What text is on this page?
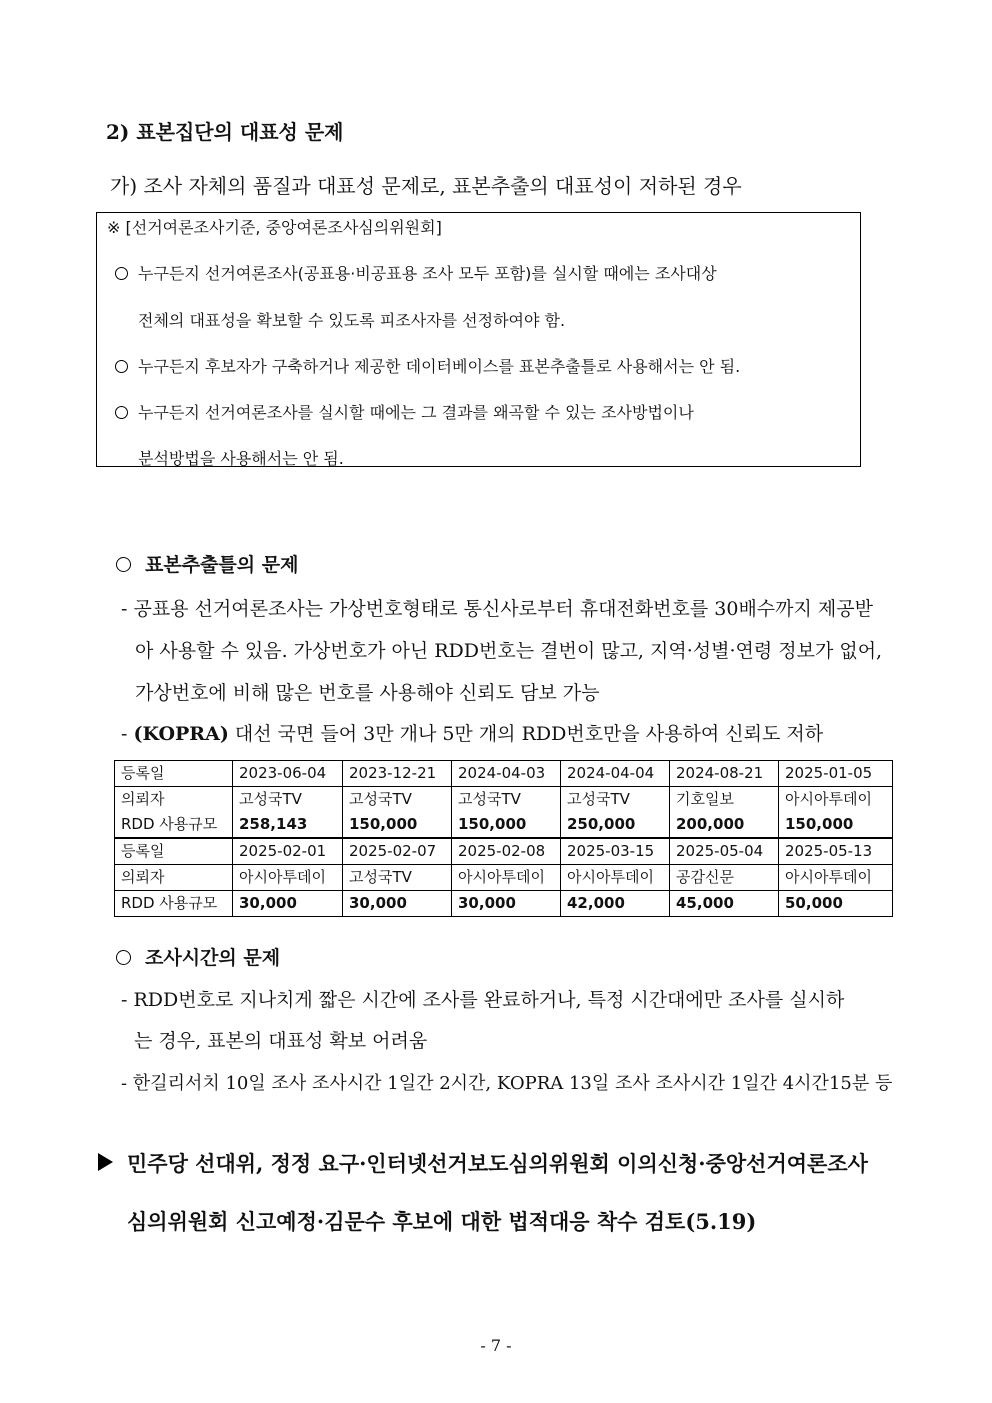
2) 표본집단의 대표성 문제
가) 조사 자체의 품질과 대표성 문제로, 표본추출의 대표성이 저하된 경우
※ [선거여론조사기준, 중앙여론조사심의위원회]
누구든지 선거여론조사(공표용·비공표용 조사 모두 포함)를 실시할 때에는 조사대상
전체의 대표성을 확보할 수 있도록 피조사자를 선정하여야 함.
누구든지 후보자가 구축하거나 제공한 데이터베이스를 표본추출틀로 사용해서는 안 됨.
누구든지 선거여론조사를 실시할 때에는 그 결과를 왜곡할 수 있는 조사방법이나
분석방법을 사용해서는 안 됨.
표본추출틀의 문제
- 공표용 선거여론조사는 가상번호형태로 통신사로부터 휴대전화번호를 30배수까지 제공받
아 사용할 수 있음. 가상번호가 아닌 RDD번호는 결번이 많고, 지역·성별·연령 정보가 없어,
가상번호에 비해 많은 번호를 사용해야 신뢰도 담보 가능
- (KOPRA) 대선 국면 들어 3만 개나 5만 개의 RDD번호만을 사용하여 신뢰도 저하
등록일	2023-06-04	2023-12-21	2024-04-03	2024-04-04	2024-08-21	2025-01-05
의뢰자	고성국TV	고성국TV	고성국TV	고성국TV	기호일보	아시아투데이
RDD 사용규모	258,143	150,000	150,000	250,000	200,000	150,000
등록일	2025-02-01	2025-02-07	2025-02-08	2025-03-15	2025-05-04	2025-05-13
의뢰자	아시아투데이	고성국TV	아시아투데이	아시아투데이	공감신문	아시아투데이
RDD 사용규모	30,000	30,000	30,000	42,000	45,000	50,000
조사시간의 문제
- RDD번호로 지나치게 짧은 시간에 조사를 완료하거나, 특정 시간대에만 조사를 실시하
는 경우, 표본의 대표성 확보 어려움
- 한길리서치 10일 조사 조사시간 1일간 2시간, KOPRA 13일 조사 조사시간 1일간 4시간15분 등
민주당 선대위, 정정 요구·인터넷선거보도심의위원회 이의신청·중앙선거여론조사
심의위원회 신고예정·김문수 후보에 대한 법적대응 착수 검토(5.19)
- 7 -
